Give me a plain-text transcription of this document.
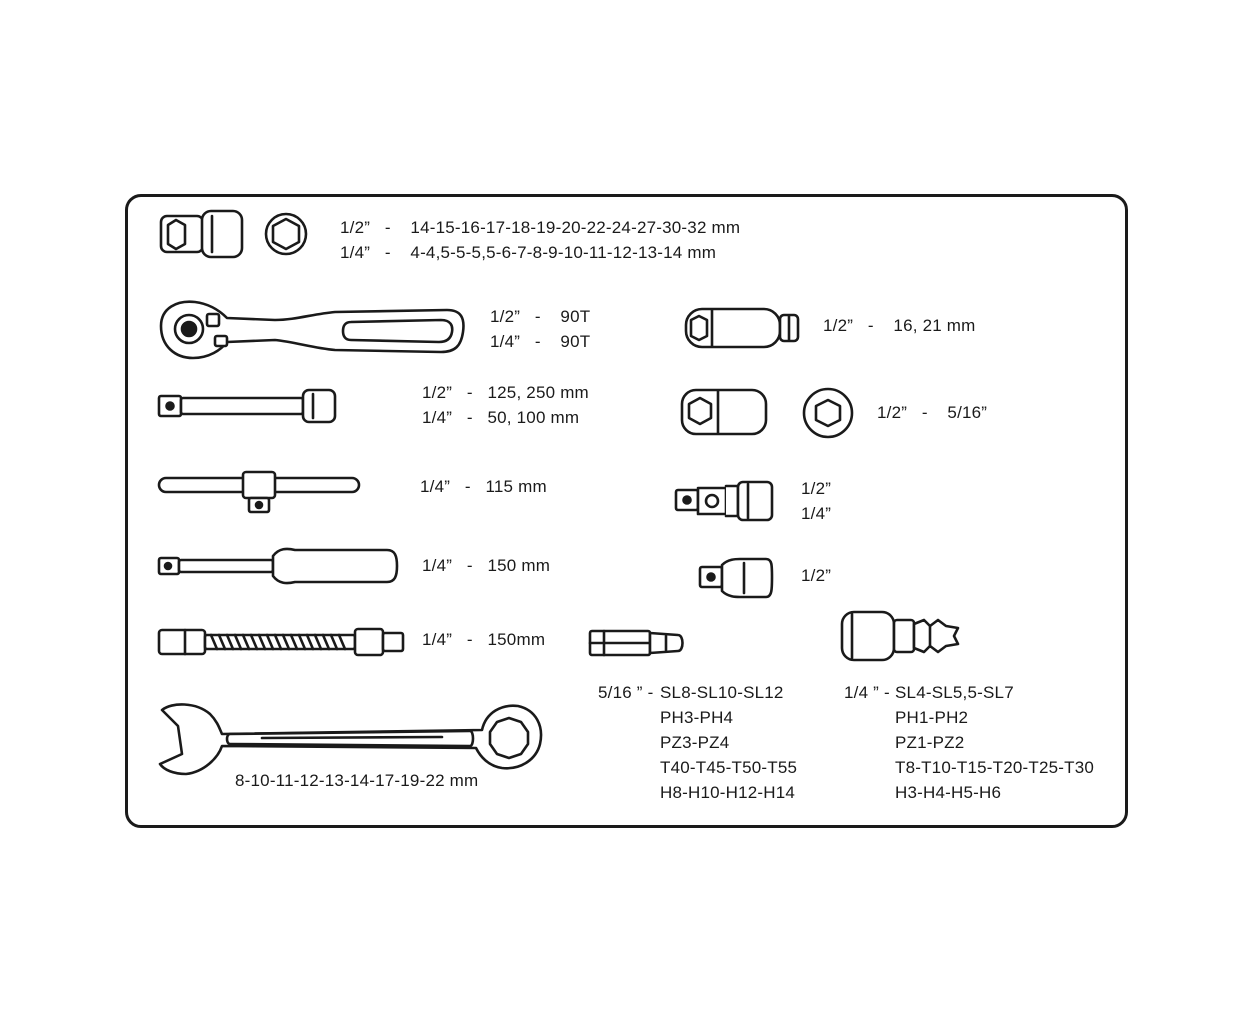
1/2”   -    14-15-16-17-18-19-20-22-24-27-30-32 mm
1/4”   -    4-4,5-5-5,5-6-7-8-9-10-11-12-13-14 mm
1/2”   -    90T
1/4”   -    90T
1/2”   -   125, 250 mm
1/4”   -   50, 100 mm
1/4”   -   115 mm
1/4”   -   150 mm
1/4”   -   150mm
8-10-11-12-13-14-17-19-22 mm
1/2”   -    16, 21 mm
1/2”   -    5/16”
1/2”
1/4”
1/2”
5/16 ” - SL8-SL10-SL12
PH3-PH4
PZ3-PZ4
T40-T45-T50-T55
H8-H10-H12-H14
1/4 ” - SL4-SL5,5-SL7
PH1-PH2
PZ1-PZ2
T8-T10-T15-T20-T25-T30
H3-H4-H5-H6
